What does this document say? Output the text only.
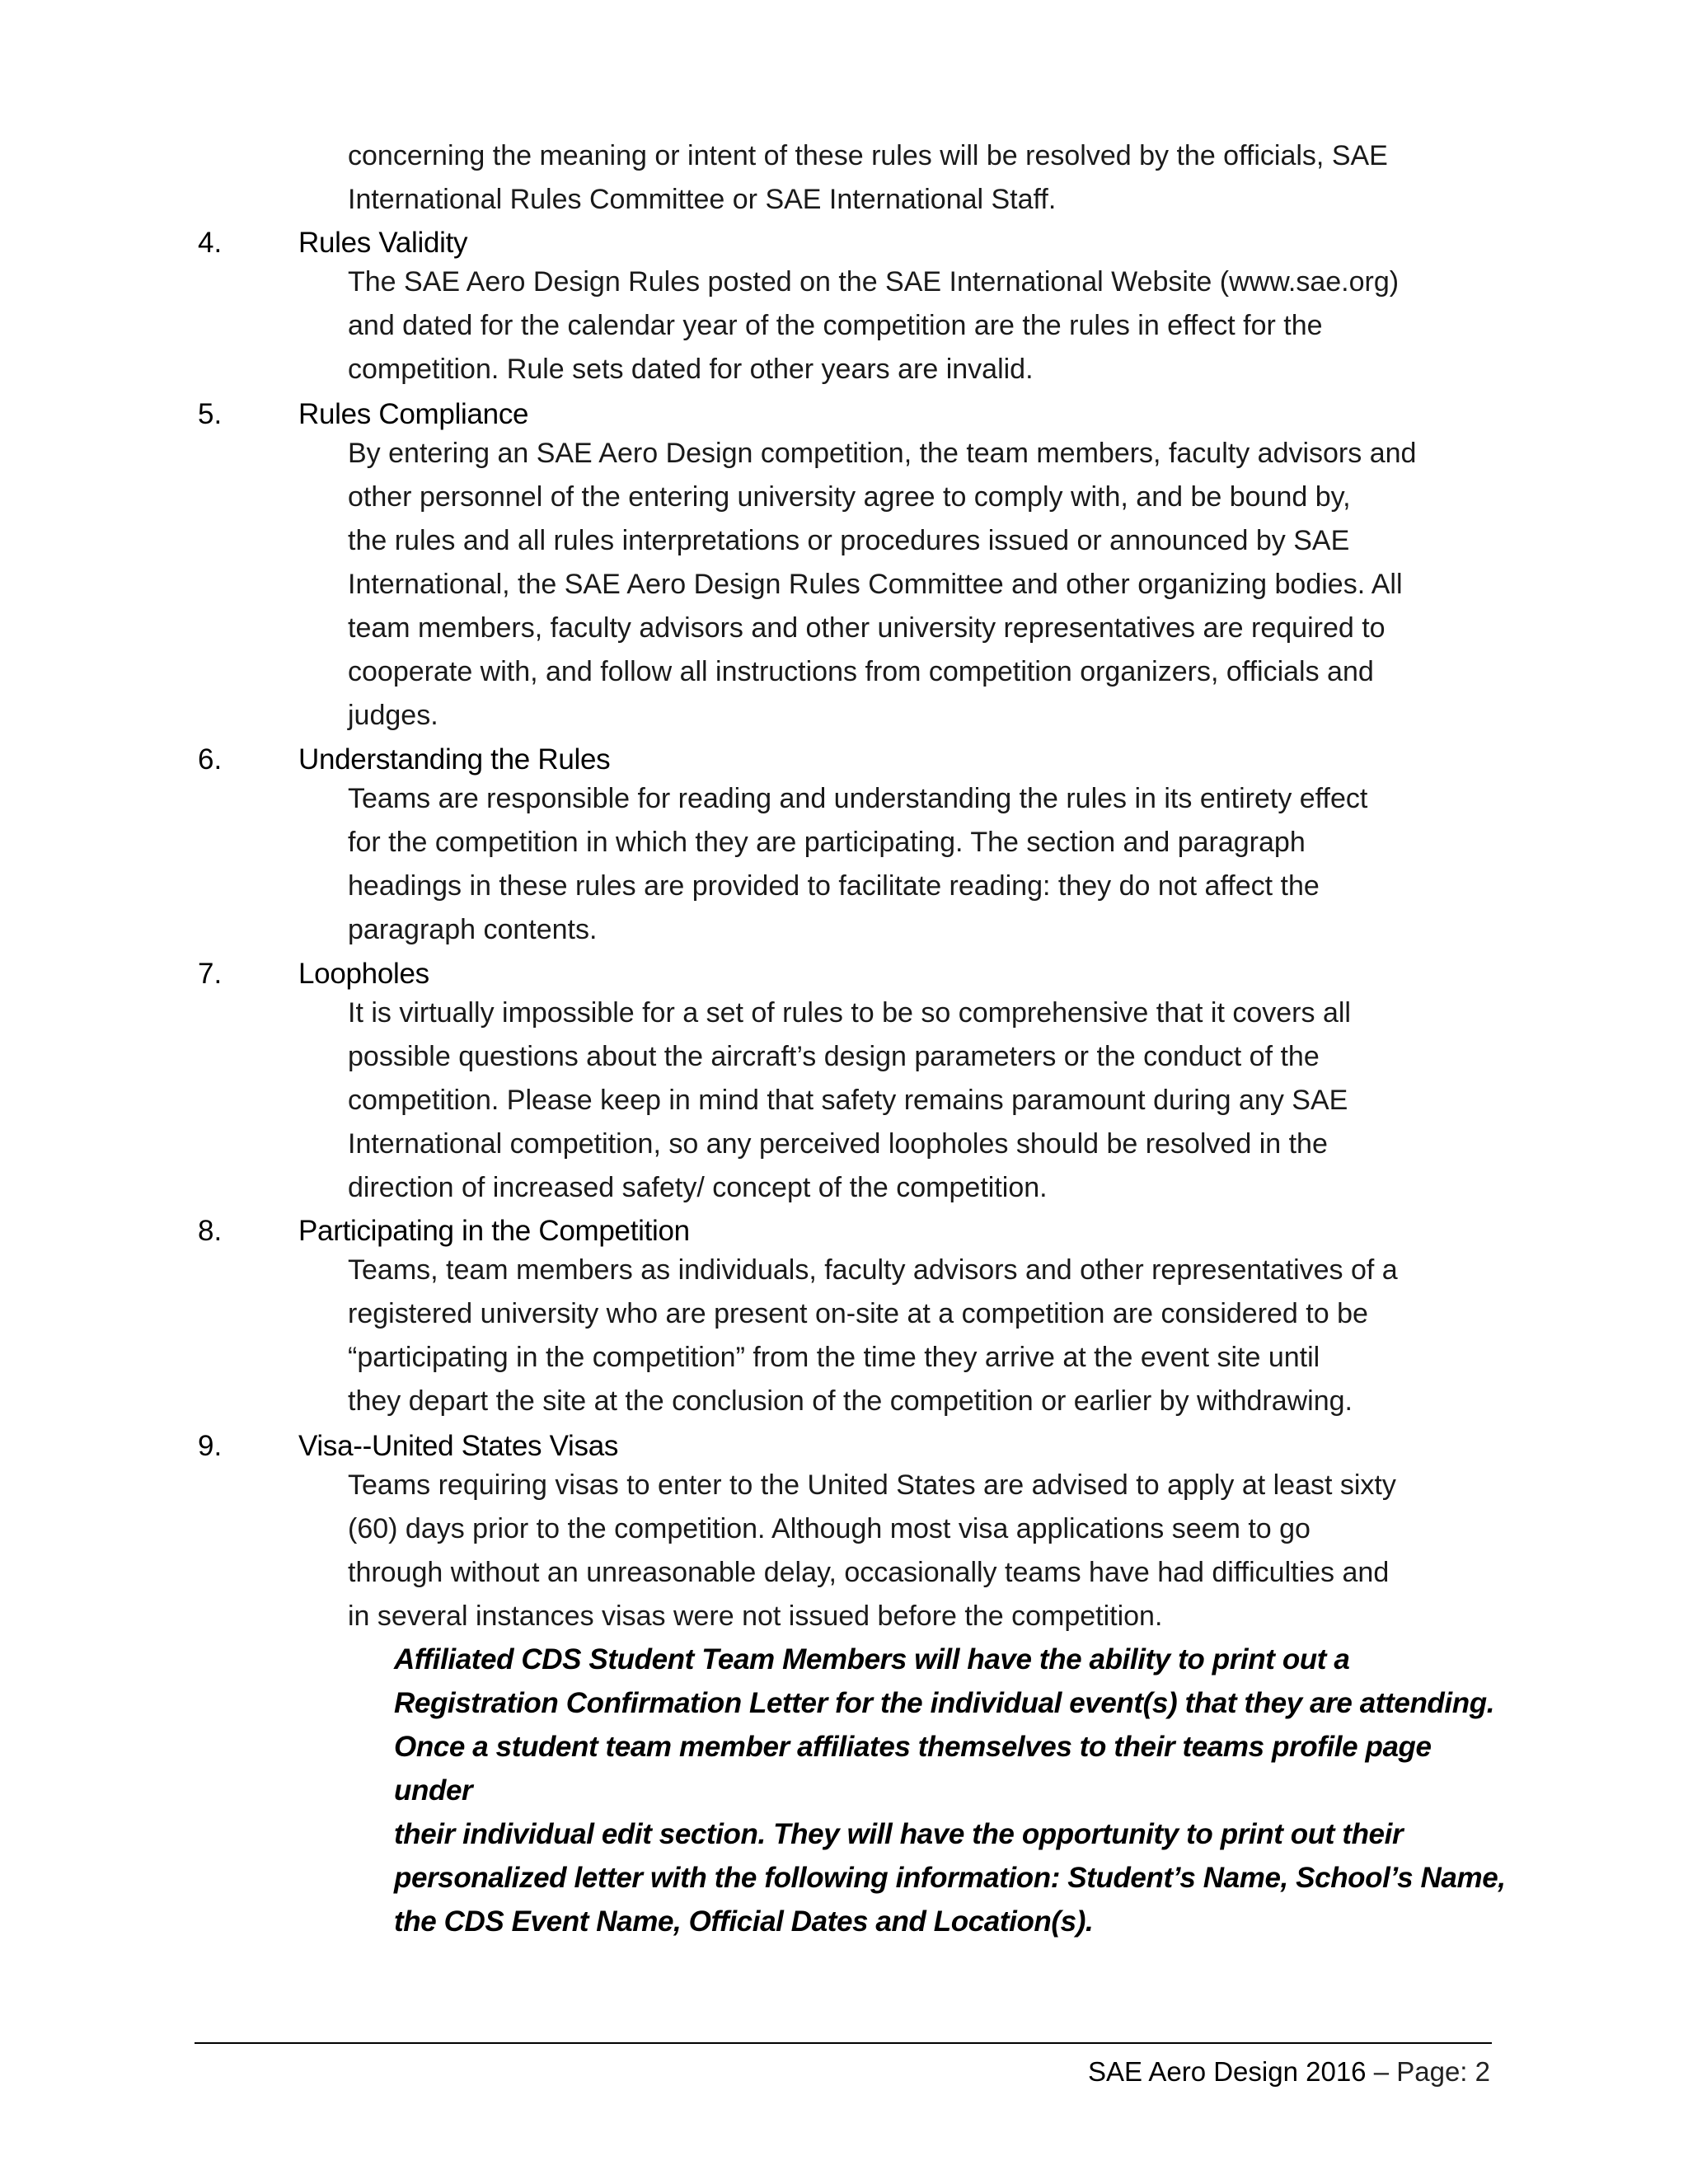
concerning the meaning or intent of these rules will be resolved by the officials, SAE
International Rules Committee or SAE International Staff.
4.	Rules Validity
The SAE Aero Design Rules posted on the SAE International Website (www.sae.org)
and dated for the calendar year of the competition are the rules in effect for the
competition. Rule sets dated for other years are invalid.
5.	Rules Compliance
By entering an SAE Aero Design competition, the team members, faculty advisors and
other personnel of the entering university agree to comply with, and be bound by,
the rules and all rules interpretations or procedures issued or announced by SAE
International, the SAE Aero Design Rules Committee and other organizing bodies. All
team members, faculty advisors and other university representatives are required to
cooperate with, and follow all instructions from competition organizers, officials and
judges.
6.	Understanding the Rules
Teams are responsible for reading and understanding the rules in its entirety effect
for the competition in which they are participating. The section and paragraph
headings in these rules are provided to facilitate reading: they do not affect the
paragraph contents.
7.	Loopholes
It is virtually impossible for a set of rules to be so comprehensive that it covers all
possible questions about the aircraft’s design parameters or the conduct of the
competition. Please keep in mind that safety remains paramount during any SAE
International competition, so any perceived loopholes should be resolved in the
direction of increased safety/ concept of the competition.
8.	Participating in the Competition
Teams, team members as individuals, faculty advisors and other representatives of a
registered university who are present on-site at a competition are considered to be
“participating in the competition” from the time they arrive at the event site until
they depart the site at the conclusion of the competition or earlier by withdrawing.
9.	Visa--United States Visas
Teams requiring visas to enter to the United States are advised to apply at least sixty
(60) days prior to the competition. Although most visa applications seem to go
through without an unreasonable delay, occasionally teams have had difficulties and
in several instances visas were not issued before the competition.
Affiliated CDS Student Team Members will have the ability to print out a
Registration Confirmation Letter for the individual event(s) that they are attending.
Once a student team member affiliates themselves to their teams profile page under
their individual edit section. They will have the opportunity to print out their
personalized letter with the following information: Student’s Name, School’s Name,
the CDS Event Name, Official Dates and Location(s).
SAE Aero Design 2016 – Page: 2
